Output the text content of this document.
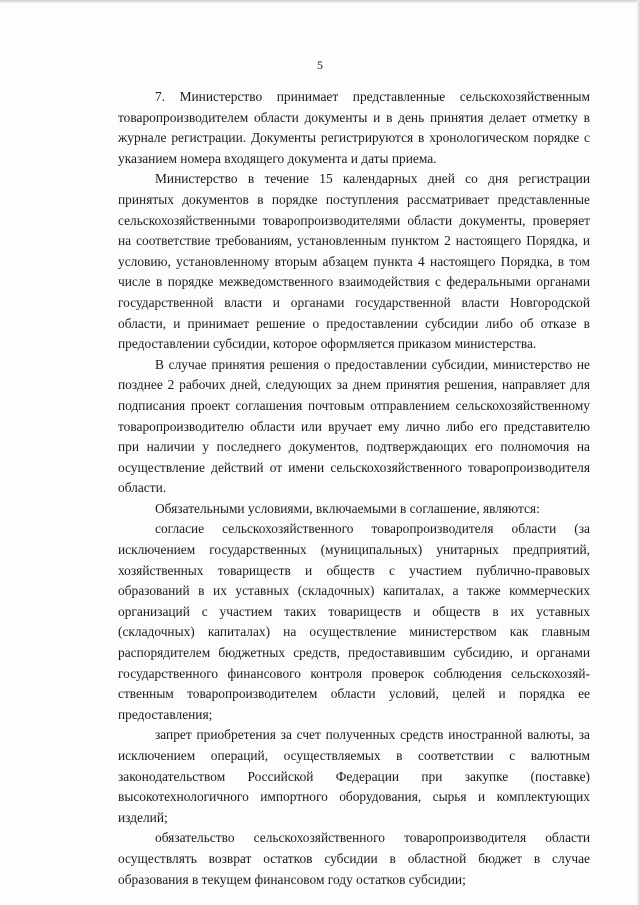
5

7. Министерство принимает представленные сельскохозяйственным товаропроизводителем области документы и в день принятия делает отметку в журнале регистрации. Документы регистрируются в хронологическом порядке с указанием номера входящего документа и даты приема.

Министерство в течение 15 календарных дней со дня регистрации принятых документов в порядке поступления рассматривает представленные сельскохозяйственными товаропроизводителями области документы, проверяет на соответствие требованиям, установленным пунктом 2 настоящего Порядка, и условию, установленному вторым абзацем пункта 4 настоящего Порядка, в том числе в порядке межведомственного взаимодействия с федеральными органами государственной власти и органами государственной власти Новгородской области, и принимает решение о предоставлении субсидии либо об отказе в предоставлении субсидии, которое оформляется приказом министерства.

В случае принятия решения о предоставлении субсидии, министерство не позднее 2 рабочих дней, следующих за днем принятия решения, направляет для подписания проект соглашения почтовым отправлением сельскохозяйственному товаропроизводителю области или вручает ему лично либо его представителю при наличии у последнего документов, подтверждающих его полномочия на осуществление действий от имени сельскохозяйственного товаропроизводителя области.

Обязательными условиями, включаемыми в соглашение, являются:

согласие сельскохозяйственного товаропроизводителя области (за исключением государственных (муниципальных) унитарных предприятий, хозяйственных товариществ и обществ с участием публично-правовых образований в их уставных (складочных) капиталах, а также коммерческих организаций с участием таких товариществ и обществ в их уставных (складочных) капиталах) на осуществление министерством как главным распорядителем бюджетных средств, предоставившим субсидию, и органами государственного финансового контроля проверок соблюдения сельскохозяй-ственным товаропроизводителем области условий, целей и порядка ее предоставления;

запрет приобретения за счет полученных средств иностранной валюты, за исключением операций, осуществляемых в соответствии с валютным законодательством Российской Федерации при закупке (поставке) высокотехнологичного импортного оборудования, сырья и комплектующих изделий;

обязательство сельскохозяйственного товаропроизводителя области осуществлять возврат остатков субсидии в областной бюджет в случае образования в текущем финансовом году остатков субсидии;
